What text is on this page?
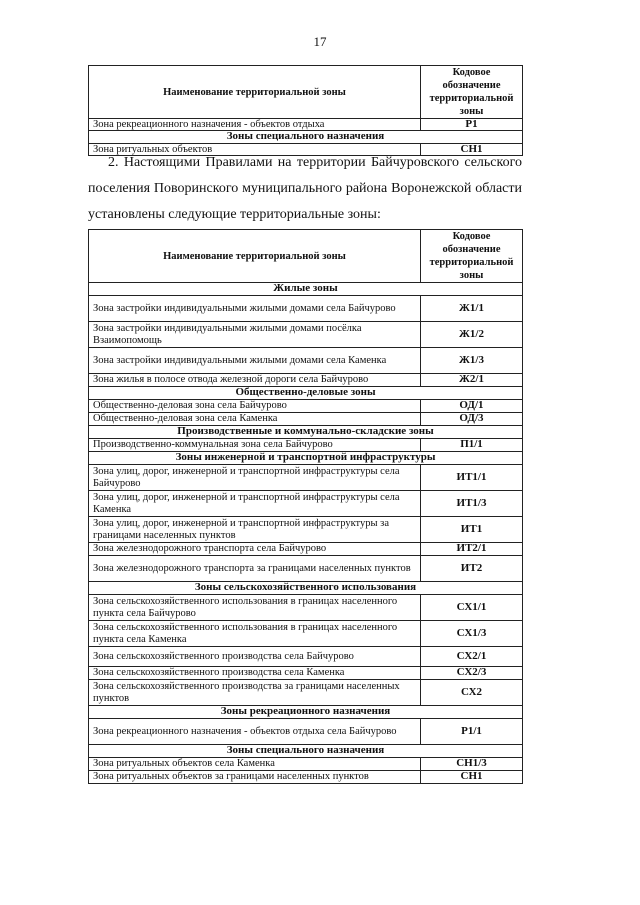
17
Наименование территориальной зоны	Кодовое обозначение территориальной зоны
Зона рекреационного назначения - объектов отдыха	Р1
Зоны специального назначения	
Зона ритуальных объектов	СН1
2. Настоящими Правилами на территории Байчуровского сельского поселения Поворинского муниципального района Воронежской области установлены следующие территориальные зоны:
Наименование территориальной зоны	Кодовое обозначение территориальной зоны
Жилые зоны	
Зона застройки индивидуальными жилыми домами села Байчурово	Ж1/1
Зона застройки индивидуальными жилыми домами посёлка Взаимопомощь	Ж1/2
Зона застройки индивидуальными жилыми домами села Каменка	Ж1/3
Зона жилья в полосе отвода железной дороги села Байчурово	Ж2/1
Общественно-деловые зоны	
Общественно-деловая зона села Байчурово	ОД/1
Общественно-деловая зона села Каменка	ОД/3
Производственные и коммунально-складские зоны	
Производственно-коммунальная зона села Байчурово	П1/1
Зоны инженерной и транспортной инфраструктуры	
Зона улиц, дорог, инженерной и транспортной инфраструктуры села Байчурово	ИТ1/1
Зона улиц, дорог, инженерной и транспортной инфраструктуры села Каменка	ИТ1/3
Зона улиц, дорог, инженерной и транспортной инфраструктуры за границами населенных пунктов	ИТ1
Зона железнодорожного транспорта села Байчурово	ИТ2/1
Зона железнодорожного транспорта за границами населенных пунктов	ИТ2
Зоны сельскохозяйственного использования	
Зона сельскохозяйственного использования в границах населенного пункта села Байчурово	СХ1/1
Зона сельскохозяйственного использования в границах населенного пункта села Каменка	СХ1/3
Зона сельскохозяйственного производства села Байчурово	СХ2/1
Зона сельскохозяйственного производства села Каменка	СХ2/3
Зона сельскохозяйственного производства за границами населенных пунктов	СХ2
Зоны рекреационного назначения	
Зона рекреационного назначения - объектов отдыха села Байчурово	Р1/1
Зоны специального назначения	
Зона ритуальных объектов села Каменка	СН1/3
Зона ритуальных объектов за границами населенных пунктов	СН1
